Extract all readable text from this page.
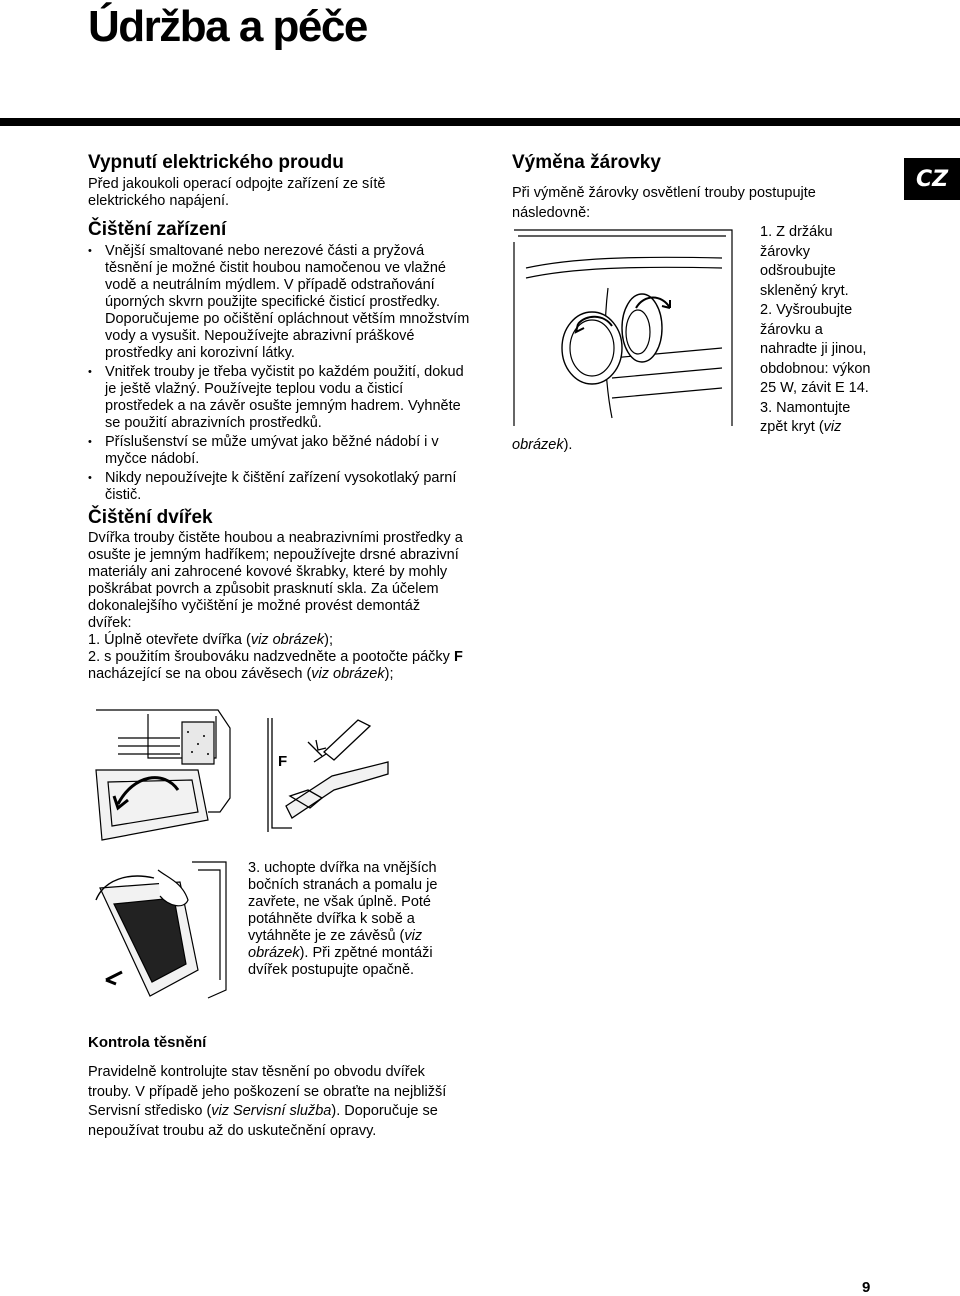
Údržba a péče
CZ

Vypnutí elektrického proudu

Před jakoukoli operací odpojte zařízení ze sítě elektrického napájení.

Čištění zařízení

• Vnější smaltované nebo nerezové části a pryžová těsnění je možné čistit houbou namočenou ve vlažné vodě a neutrálním mýdlem. V případě odstraňování úporných skvrn použijte specifické čisticí prostředky. Doporučujeme po očištění opláchnout větším množstvím vody a vysušit. Nepoužívejte abrazivní práškové prostředky ani korozivní látky.
• Vnitřek trouby je třeba vyčistit po každém použití, dokud je ještě vlažný. Používejte teplou vodu a čisticí prostředek a na závěr osušte jemným hadrem. Vyhněte se použití abrazivních prostředků.
• Příslušenství se může umývat jako běžné nádobí i v myčce nádobí.
• Nikdy nepoužívejte k čištění zařízení vysokotlaký parní čistič.

Čištění dvířek

Dvířka trouby čistěte houbou a neabrazivními prostředky a osušte je jemným hadříkem; nepoužívejte drsné abrazivní materiály ani zahrocené kovové škrabky, které by mohly poškrábat povrch a způsobit prasknutí skla. Za účelem dokonalejšího vyčištění je možné provést demontáž dvířek:

1. Úplně otevřete dvířka (viz obrázek);

2. s použitím šroubováku nadzvedněte a pootočte páčky F nacházející se na obou závěsech (viz obrázek);

F

3. uchopte dvířka na vnějších bočních stranách a pomalu je zavřete, ne však úplně. Poté potáhněte dvířka k sobě a vytáhněte je ze závěsů (viz obrázek). Při zpětné montáži dvířek postupujte opačně.

Kontrola těsnění

Pravidelně kontrolujte stav těsnění po obvodu dvířek trouby. V případě jeho poškození se obraťte na nejbližší Servisní středisko (viz Servisní služba). Doporučuje se nepoužívat troubu až do uskutečnění opravy.

Výměna žárovky

Při výměně žárovky osvětlení trouby postupujte následovně:

obrázek).
1. Z držáku
žárovky
odšroubujte
skleněný kryt.
2. Vyšroubujte
žárovku a
nahradte ji jinou,
obdobnou: výkon
25 W, závit E 14.
3. Namontujte
zpět kryt (viz
9
